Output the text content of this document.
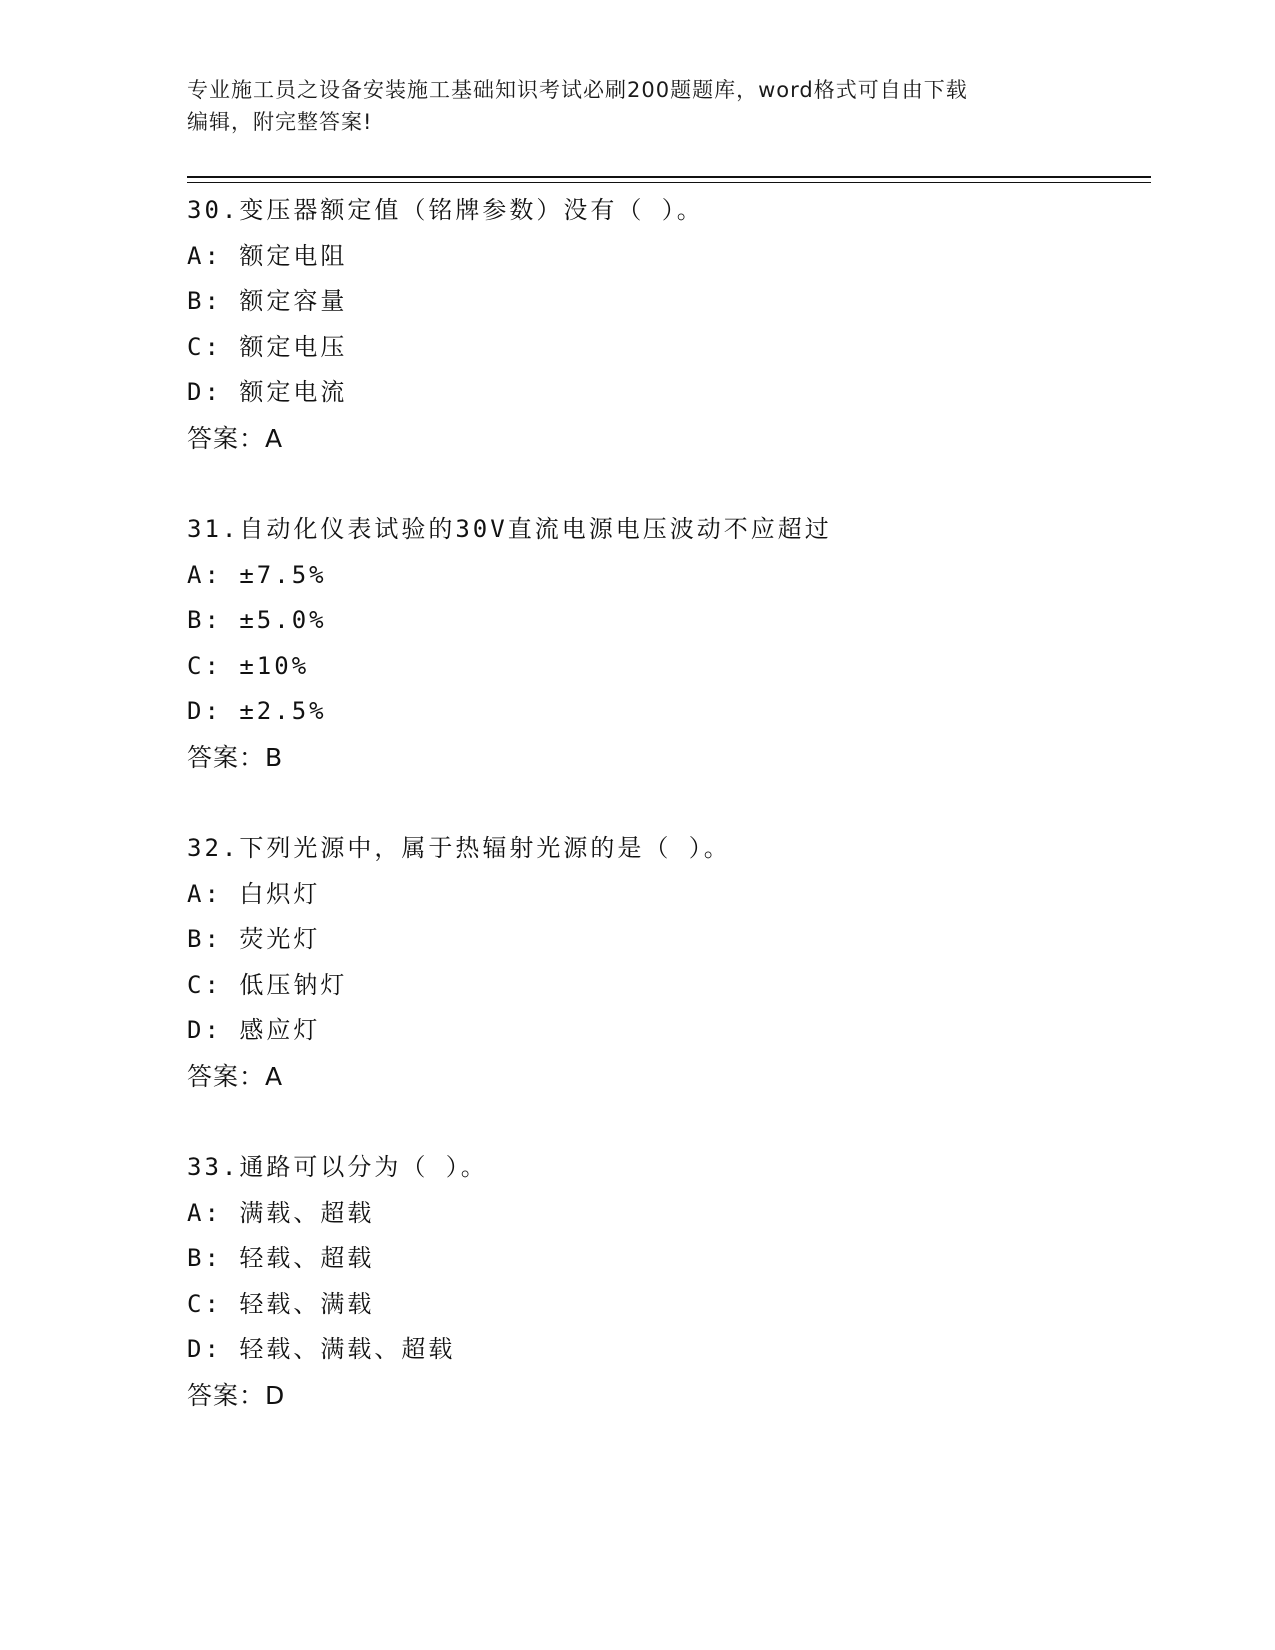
专业施工员之设备安装施工基础知识考试必刷200题题库，word格式可自由下载
编辑，附完整答案!
30.变压器额定值（铭牌参数）没有（ ）。
A: 额定电阻
B: 额定容量
C: 额定电压
D: 额定电流
答案：A
31.自动化仪表试验的30V直流电源电压波动不应超过
A: ±7.5%
B: ±5.0%
C: ±10%
D: ±2.5%
答案：B
32.下列光源中，属于热辐射光源的是（ ）。
A: 白炽灯
B: 荧光灯
C: 低压钠灯
D: 感应灯
答案：A
33.通路可以分为（ ）。
A: 满载、超载
B: 轻载、超载
C: 轻载、满载
D: 轻载、满载、超载
答案：D
